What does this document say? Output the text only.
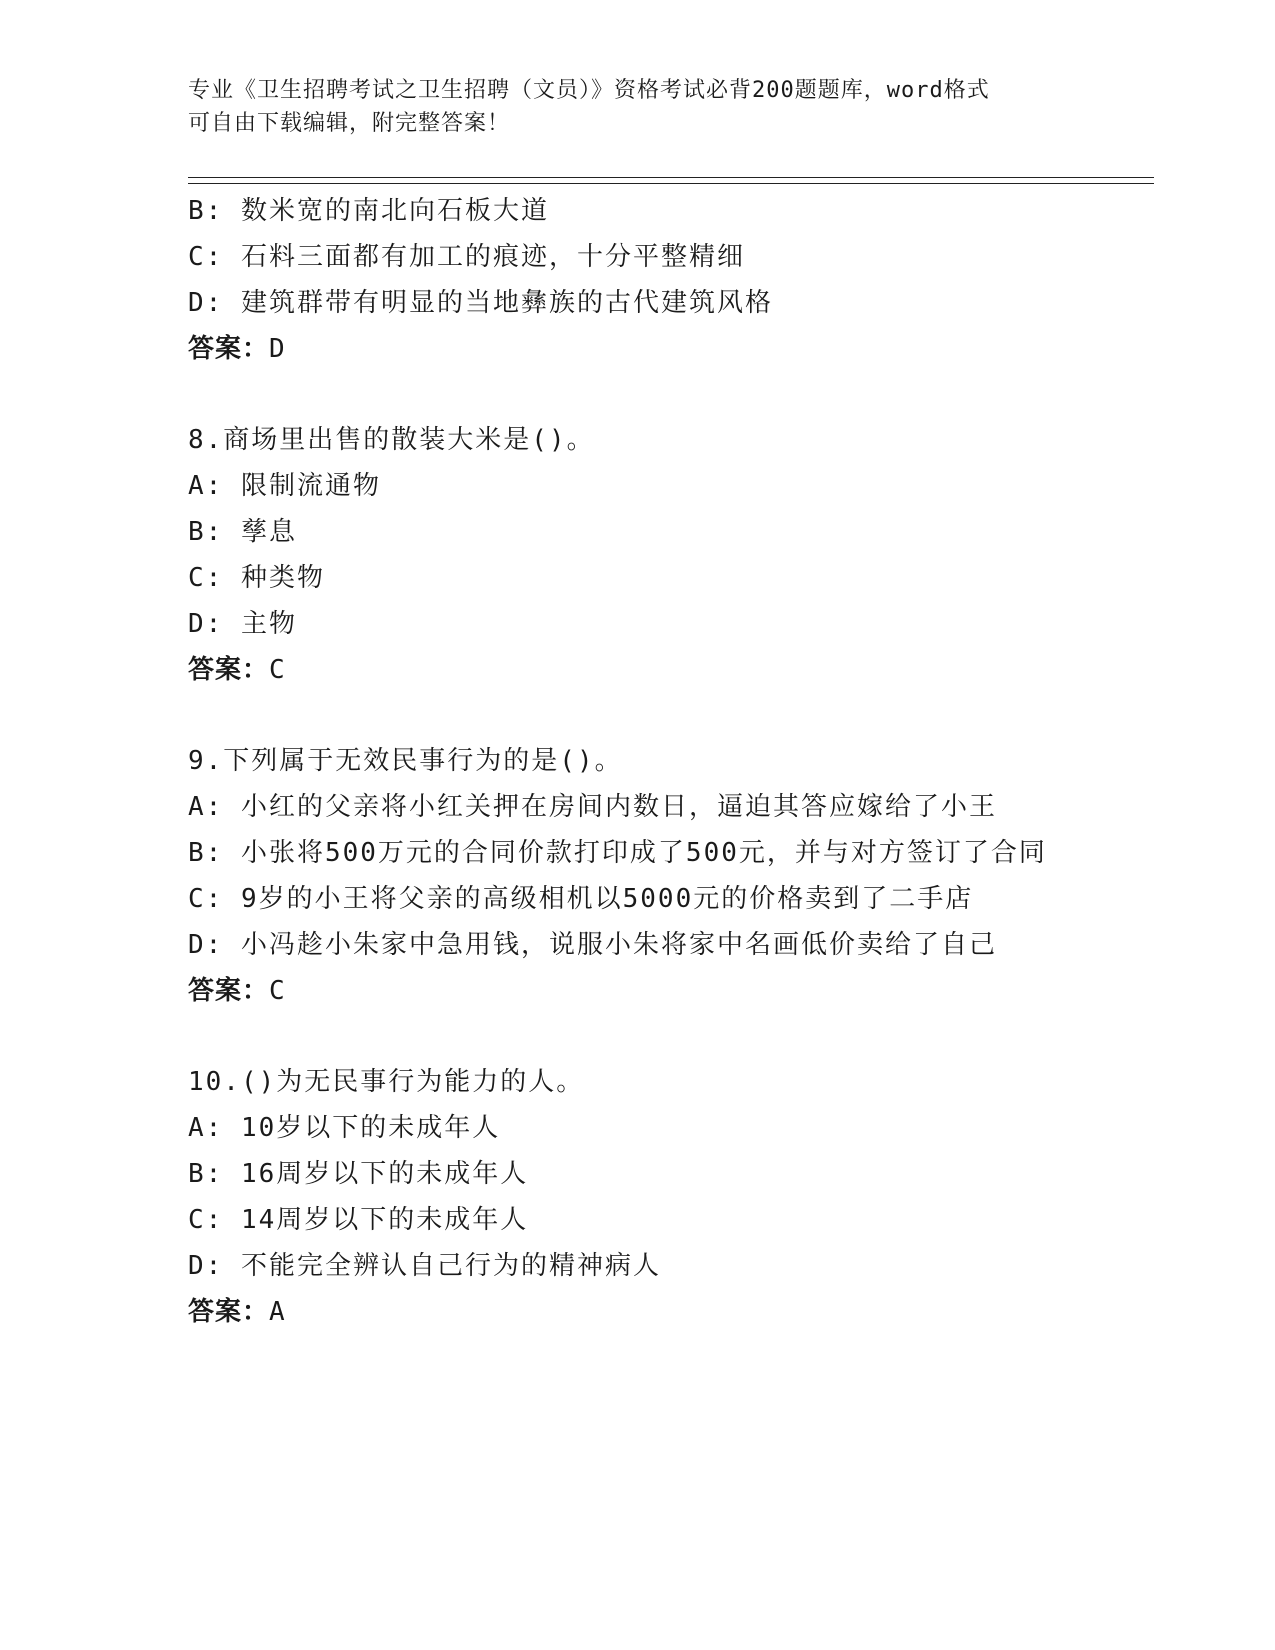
专业《卫生招聘考试之卫生招聘（文员）》资格考试必背200题题库，word格式
可自由下载编辑，附完整答案！
B: 数米宽的南北向石板大道
C: 石料三面都有加工的痕迹，十分平整精细
D: 建筑群带有明显的当地彝族的古代建筑风格
答案：D
8.商场里出售的散装大米是()。
A: 限制流通物
B: 孳息
C: 种类物
D: 主物
答案：C
9.下列属于无效民事行为的是()。
A: 小红的父亲将小红关押在房间内数日，逼迫其答应嫁给了小王
B: 小张将500万元的合同价款打印成了500元，并与对方签订了合同
C: 9岁的小王将父亲的高级相机以5000元的价格卖到了二手店
D: 小冯趁小朱家中急用钱，说服小朱将家中名画低价卖给了自己
答案：C
10.()为无民事行为能力的人。
A: 10岁以下的未成年人
B: 16周岁以下的未成年人
C: 14周岁以下的未成年人
D: 不能完全辨认自己行为的精神病人
答案：A
